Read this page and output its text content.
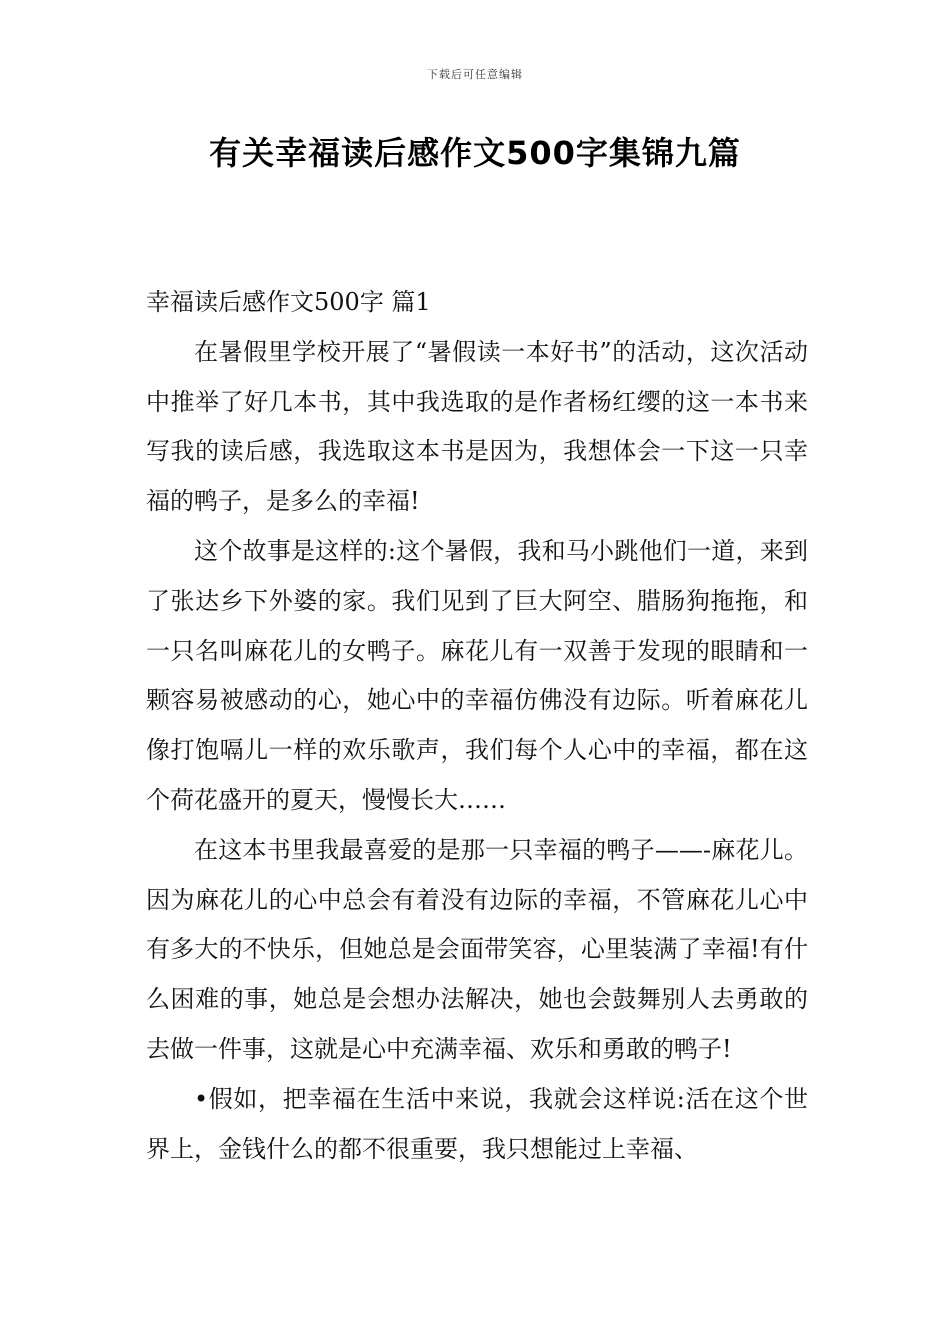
下载后可任意编辑
有关幸福读后感作文500字集锦九篇

幸福读后感作文500字 篇1

在暑假里学校开展了“暑假读一本好书”的活动，这次活动中推举了好几本书，其中我选取的是作者杨红缨的这一本书来写我的读后感，我选取这本书是因为，我想体会一下这一只幸福的鸭子，是多么的幸福!

这个故事是这样的:这个暑假，我和马小跳他们一道，来到了张达乡下外婆的家。我们见到了巨大阿空、腊肠狗拖拖，和一只名叫麻花儿的女鸭子。麻花儿有一双善于发现的眼睛和一颗容易被感动的心，她心中的幸福仿佛没有边际。听着麻花儿像打饱嗝儿一样的欢乐歌声，我们每个人心中的幸福，都在这个荷花盛开的夏天，慢慢长大……

在这本书里我最喜爱的是那一只幸福的鸭子——-麻花儿。因为麻花儿的心中总会有着没有边际的幸福，不管麻花儿心中有多大的不快乐，但她总是会面带笑容，心里装满了幸福!有什么困难的事，她总是会想办法解决，她也会鼓舞别人去勇敢的去做一件事，这就是心中充满幸福、欢乐和勇敢的鸭子!

•假如，把幸福在生活中来说，我就会这样说:活在这个世界上，金钱什么的都不很重要，我只想能过上幸福、
